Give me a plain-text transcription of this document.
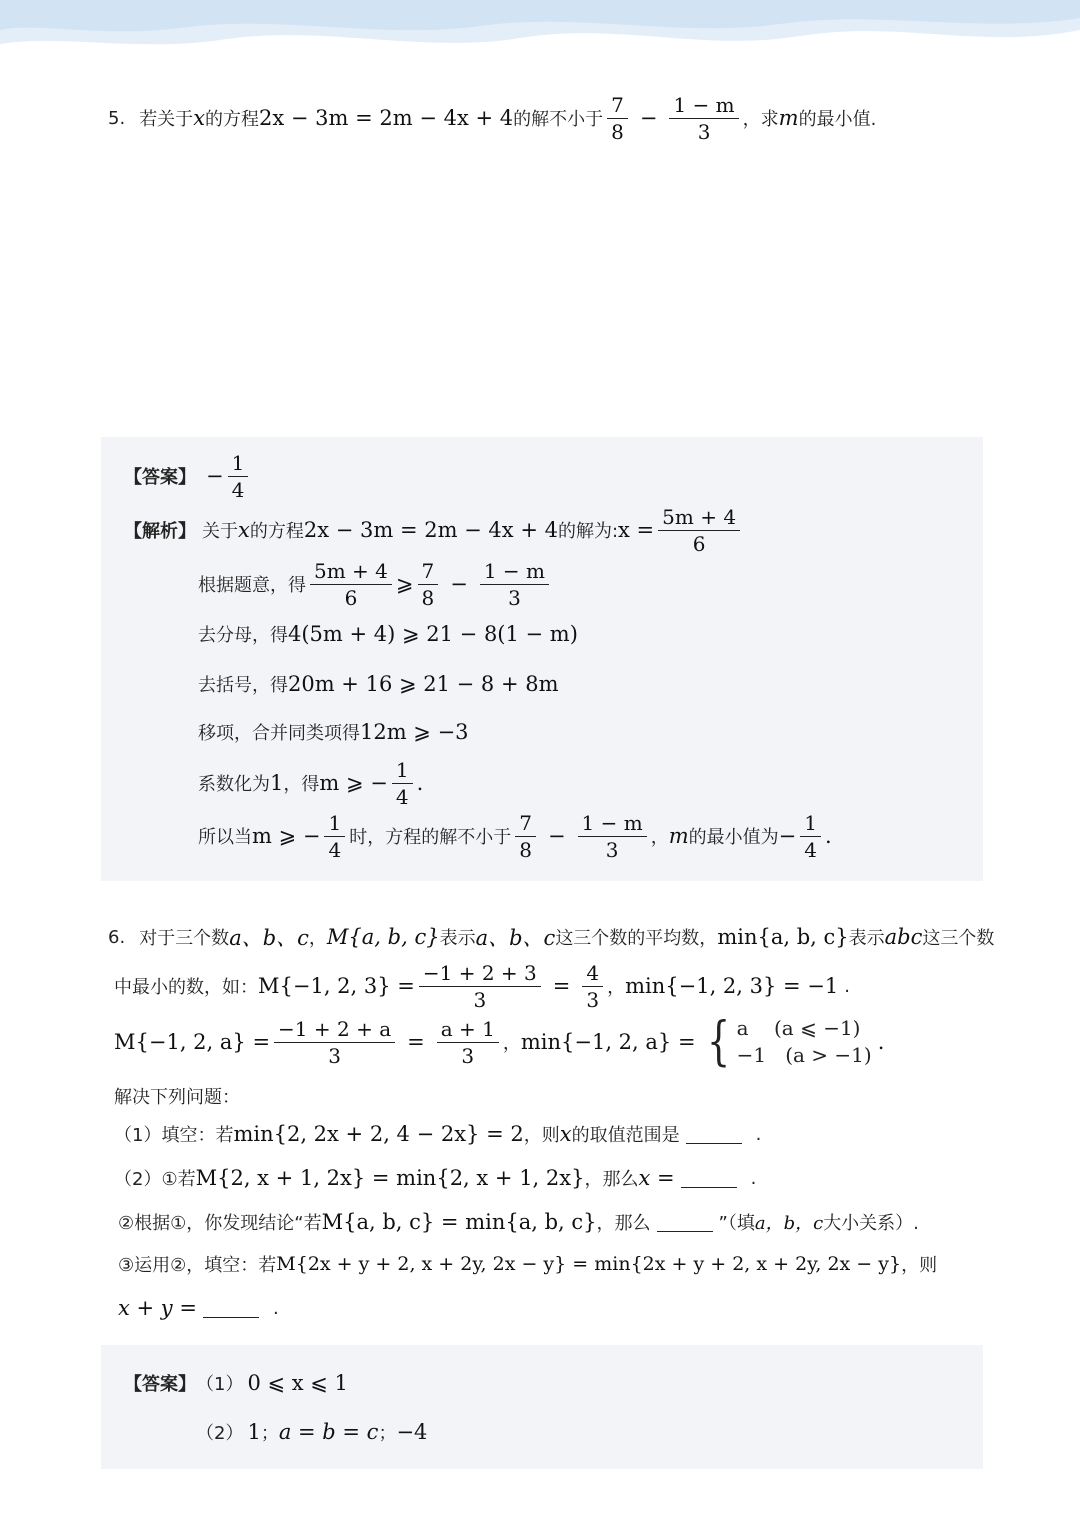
5. 若关于 x 的方程 2x − 3m = 2m − 4x + 4 的解不小于 $\frac{7}{8} - \frac{1 - m}{3}$ ，求 m 的最小值.
【答案】 − $\frac{1}{4}$
【解析】 关于 x 的方程 2x − 3m = 2m − 4x + 4 的解为: $x = \frac{5m + 4}{6}$
根据题意，得 $\frac{5m + 4}{6}$ ⩾ $\frac{7}{8} - \frac{1 - m}{3}$
去分母，得 4(5m + 4) ⩾ 21 − 8(1 − m)
去括号，得 20m + 16 ⩾ 21 − 8 + 8m
移项，合并同类项得 12m ⩾ −3
系数化为 1 ，得 m ⩾ − $\frac{1}{4}$ .
所以当 m ⩾ − $\frac{1}{4}$ 时，方程的解不小于 $\frac{7}{8} - \frac{1 - m}{3}$ ， m 的最小值为 − $\frac{1}{4}$ .
6. 对于三个数 a、b、c ， M{a, b, c} 表示 a、b、c 这三个数的平均数， min{a, b, c} 表示 abc 这三个数
中最小的数，如： M{−1, 2, $3\} = \frac{-1 + 2 + 3}{3} = \frac{4}{3}$ ， min{−1, 2, 3} = −1 .
M{−1, 2, $a\} = \frac{-1 + 2 + a}{3} = \frac{a + 1}{3}$ ， min{−1, 2, a} = { a    (a ⩽ −1)
−1   (a > −1)
.
解决下列问题：
（1）填空：若 min{2, 2x + 2, 4 − 2x} = 2 ，则 x 的取值范围是	.
（2）①若 M{2, x + 1, 2x} = min{2, x + 1, 2x} ，那么 x =	.
②根据①，你发现结论“若 M{a, b, c} = min{a, b, c} ，那么	”（填 a，b，c 大小关系）.
③运用②，填空：若 M{2x + y + 2, x + 2y, 2x − y} = min{2x + y + 2, x + 2y, 2x − y} ，则
x + y =	.
【答案】 （1） 0 ⩽ x ⩽ 1
（2） 1 ； a = b = c ； −4
